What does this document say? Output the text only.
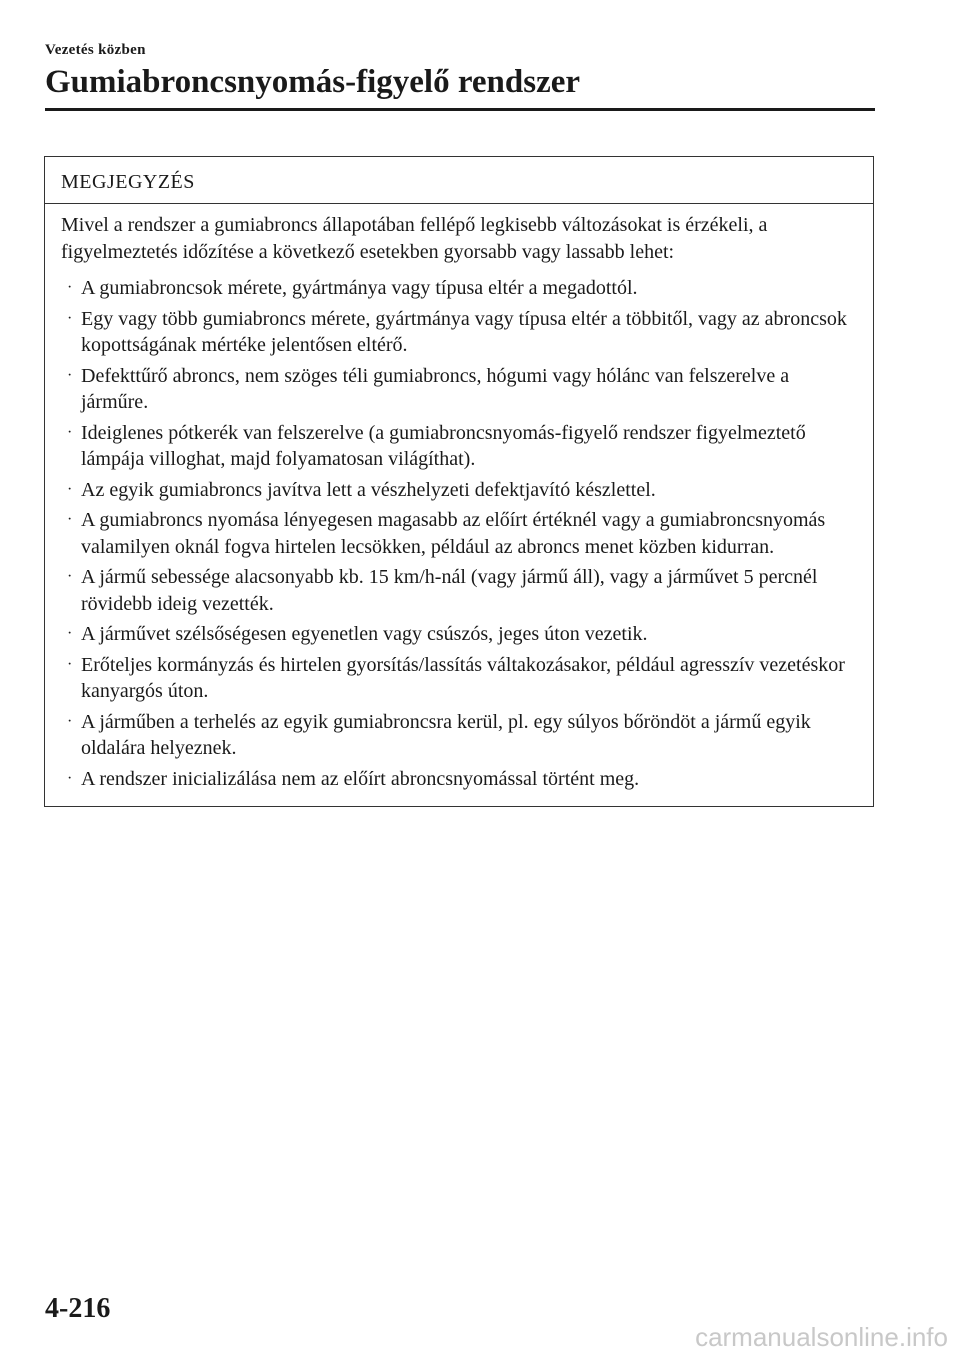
Vezetés közben
Gumiabroncsnyomás-figyelő rendszer
MEGJEGYZÉS

Mivel a rendszer a gumiabroncs állapotában fellépő legkisebb változásokat is érzékeli, a figyelmeztetés időzítése a következő esetekben gyorsabb vagy lassabb lehet:

· A gumiabroncsok mérete, gyártmánya vagy típusa eltér a megadottól.
· Egy vagy több gumiabroncs mérete, gyártmánya vagy típusa eltér a többitől, vagy az abroncsok kopottságának mértéke jelentősen eltérő.
· Defekttűrő abroncs, nem szöges téli gumiabroncs, hógumi vagy hólánc van felszerelve a járműre.
· Ideiglenes pótkerék van felszerelve (a gumiabroncsnyomás-figyelő rendszer figyelmeztető lámpája villoghat, majd folyamatosan világíthat).
· Az egyik gumiabroncs javítva lett a vészhelyzeti defektjavító készlettel.
· A gumiabroncs nyomása lényegesen magasabb az előírt értéknél vagy a gumiabroncsnyomás valamilyen oknál fogva hirtelen lecsökken, például az abroncs menet közben kidurran.
· A jármű sebessége alacsonyabb kb. 15 km/h-nál (vagy jármű áll), vagy a járművet 5 percnél rövidebb ideig vezették.
· A járművet szélsőségesen egyenetlen vagy csúszós, jeges úton vezetik.
· Erőteljes kormányzás és hirtelen gyorsítás/lassítás váltakozásakor, például agresszív vezetéskor kanyargós úton.
· A járműben a terhelés az egyik gumiabroncsra kerül, pl. egy súlyos bőröndöt a jármű egyik oldalára helyeznek.
· A rendszer inicializálása nem az előírt abroncsnyomással történt meg.
4-216
carmanualsonline.info
